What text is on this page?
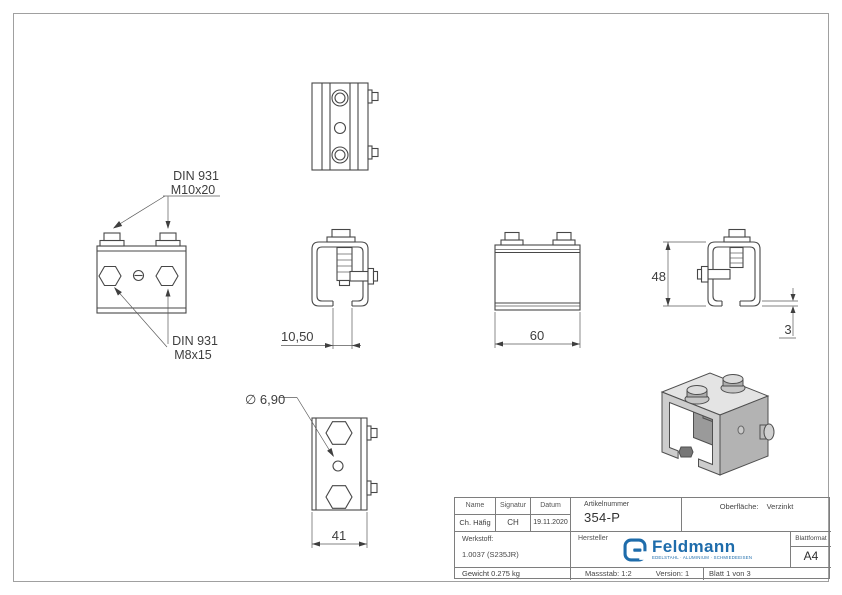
DIN 931
M10x20
DIN 931
M8x15
10,50	60
48
3
∅ 6,90
41
Name	Signatur	Datum	Artikelnummer
354-P
Oberfläche: Verzinkt
Ch. Häfig	CH	19.11.2020
Werkstoff:
1.0037 (S235JR)
Hersteller	Feldmann
EDELSTAHL · ALUMINIUM · SCHMIEDEEISEN
Blattformat
A4
Gewicht 0.275 kg	Massstab: 1:2	Version: 1	Blatt 1 von 3
